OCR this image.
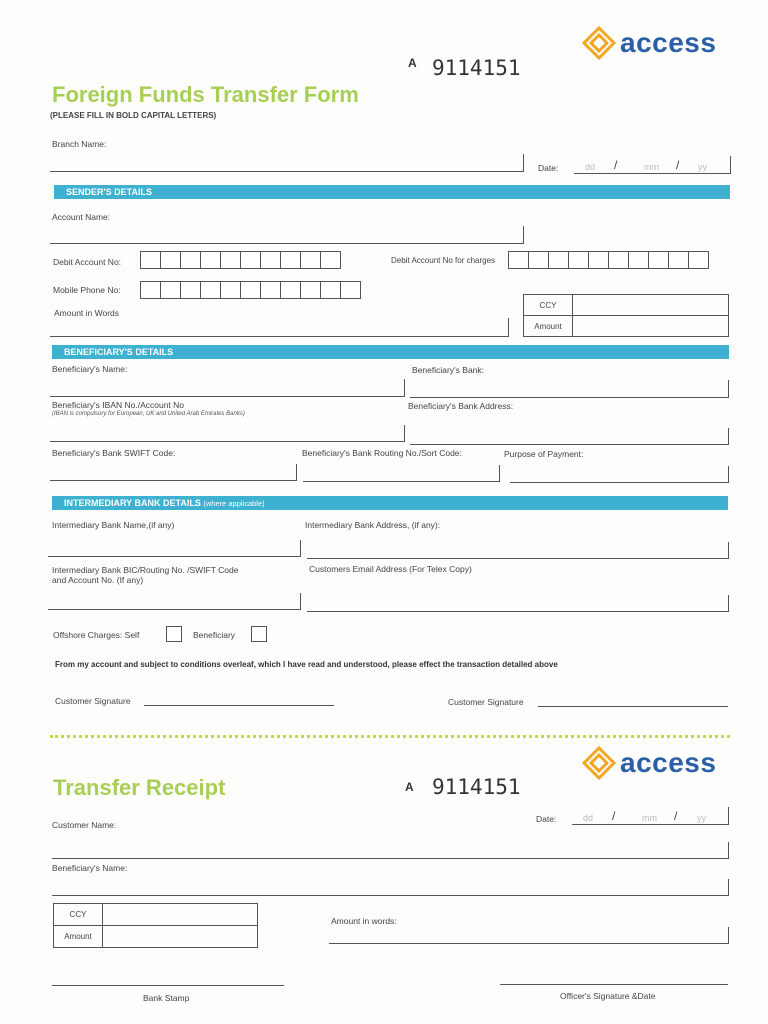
access
A 9114151
Foreign Funds Transfer Form
(PLEASE FILL IN BOLD CAPITAL LETTERS)
Branch Name:
Date:	dd /	mm / yy
SENDER'S DETAILS
Account Name:
Debit Account No:	Debit Account No for charges
Mobile Phone No:
Amount in Words
CCY
Amount
BENEFICIARY'S DETAILS
Beneficiary's Name:	Beneficiary's Bank:
Beneficiary's IBAN No./Account No
(IBAN is compulsory for European, UK and United Arab Emirates Banks)
Beneficiary's Bank Address:
Beneficiary's Bank SWIFT Code:	Beneficiary's Bank Routing No./Sort Code:	Purpose of Payment:
INTERMEDIARY BANK DETAILS (where applicable)
Intermediary Bank Name,(if any)	Intermediary Bank Address, (if any):
Intermediary Bank BIC/Routing No. /SWIFT Code
and Account No. (If any)
Customers Email Address (For Telex Copy)
Offshore Charges: Self	Beneficiary
From my account and subject to conditions overleaf, which I have read and understood, please effect the transaction detailed above
Customer Signature	Customer Signature
access
Transfer Receipt	A 9114151
Date:	dd /	mm / yy
Customer Name:
Beneficiary's Name:
CCY
Amount
Amount in words:
Bank Stamp	Officer's Signature &Date
